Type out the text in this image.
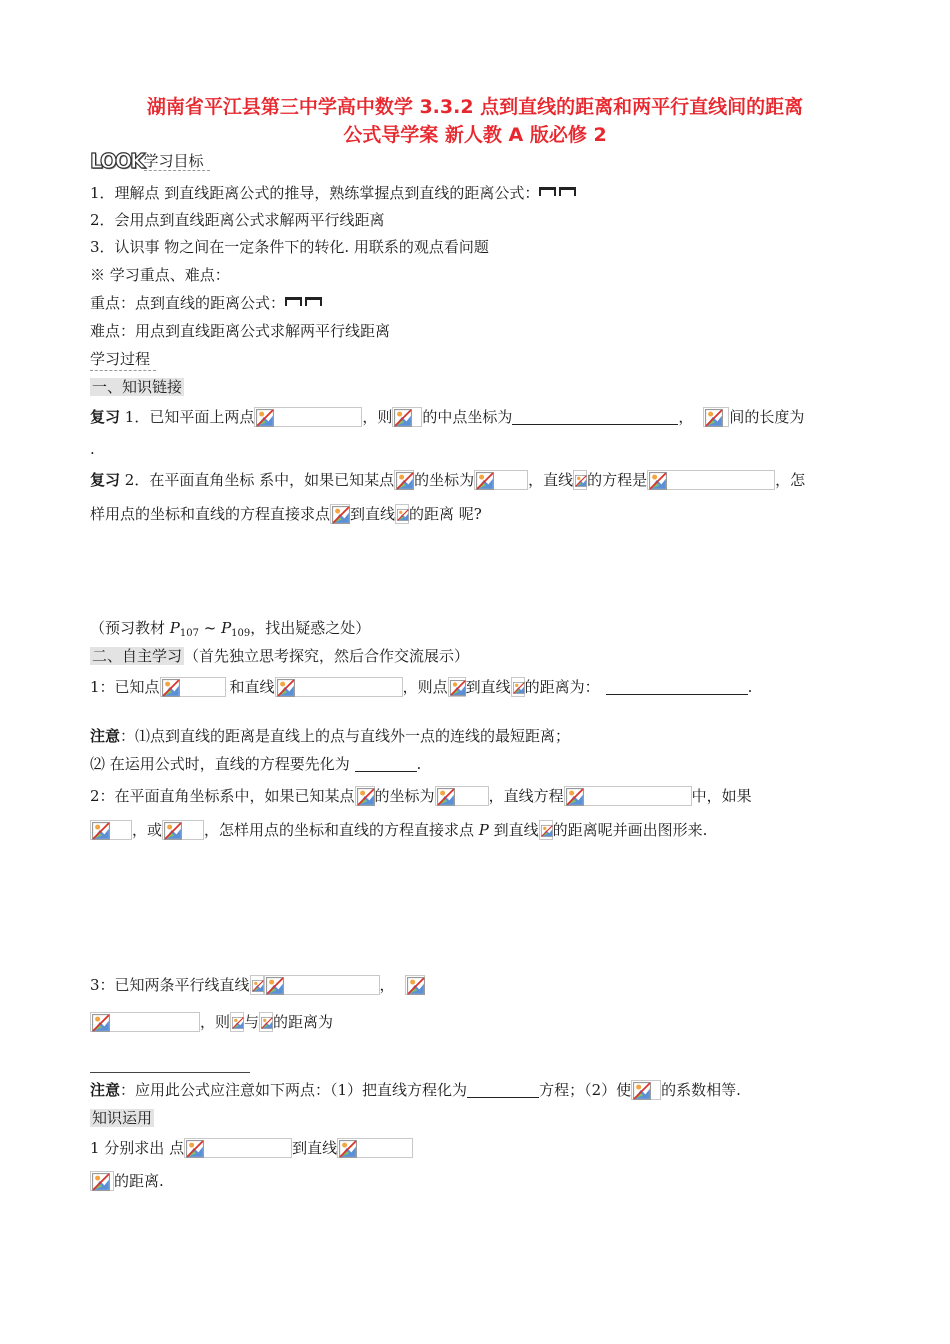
湖南省平江县第三中学高中数学 3.3.2 点到直线的距离和两平行直线间的距离
公式导学案 新人教 A 版必修 2
LOOK学习目标
1．理解点 到直线距离公式的推导，熟练掌握点到直线的距离公式：
2．会用点到直线距离公式求解两平行线距离
3．认识事 物之间在一定条件下的转化. 用联系的观点看问题
※ 学习重点、难点：
重点：点到直线的距离公式：
难点：用点到直线距离公式求解两平行线距离
学习过程
一、知识链接
复习 1．已知平面上两点	，则 的中点坐标为	， 间的长度为
.
复习 2．在平面直角坐标 系中，如果已知某点 的坐标为	，直线 的方程是	，怎
样用点的坐标和直线的方程直接求点 到直线 的距离 呢?
（预习教材 $P_{107}$ ~ $P_{109}$，找出疑惑之处）
二、自主学习 （首先独立思考探究，然后合作交流展示）
1：已知点	和直线	，则点 到直线 的距离为：	.
注意：⑴点到直线的距离是直线上的点与直线外一点的连线的最短距离；
⑵ 在运用公式时，直线的方程要先化为	.
2：在平面直角坐标系中，如果已知某点 的坐标为	，直线方程	中，如果
，或	，怎样用点的坐标和直线的方程直接求点 P 到直线 的距离呢并画出图形来.
3：已知两条平行线直线	，
，则 与 的距离为
注意：应用此公式应注意如下两点：（1）把直线方程化为	方程；（2）使 的系数相等.
知识运用
1 分别求出 点	到直线
的距离.
